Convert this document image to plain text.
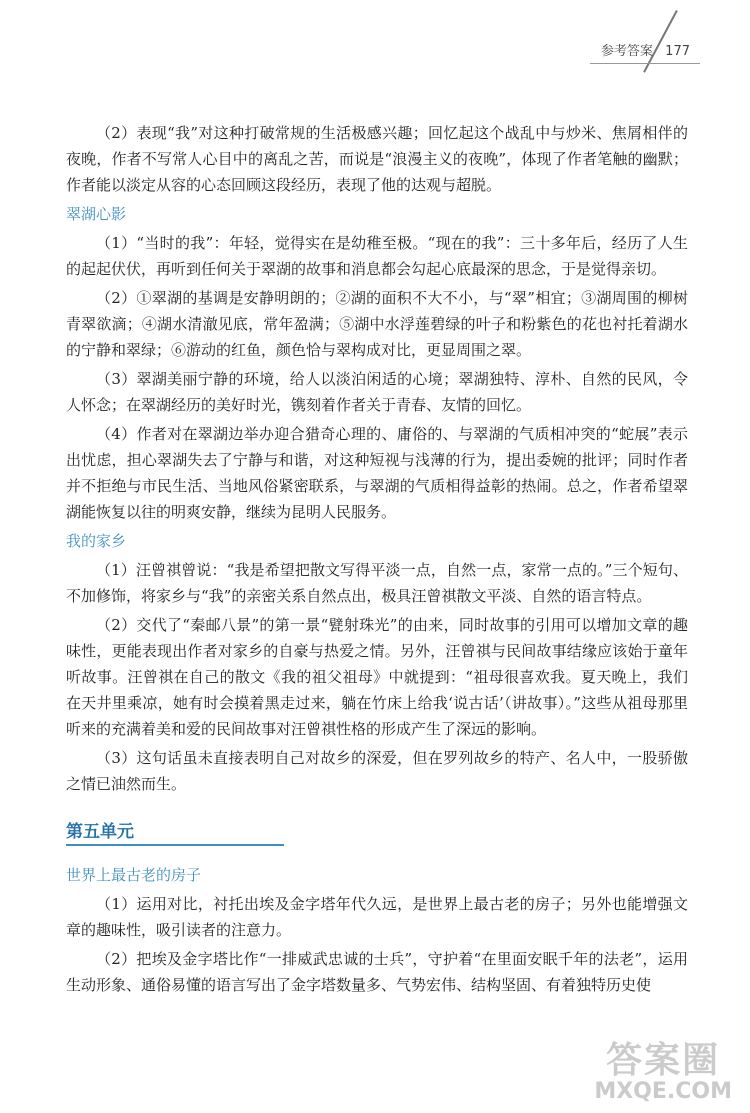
参考答案 177

（2）表现“我”对这种打破常规的生活极感兴趣；回忆起这个战乱中与炒米、焦屑相伴的夜晚，作者不写常人心目中的离乱之苦，而说是“浪漫主义的夜晚”，体现了作者笔触的幽默；作者能以淡定从容的心态回顾这段经历，表现了他的达观与超脱。

翠湖心影

（1）“当时的我”：年轻，觉得实在是幼稚至极。“现在的我”：三十多年后，经历了人生的起起伏伏，再听到任何关于翠湖的故事和消息都会勾起心底最深的思念，于是觉得亲切。

（2）①翠湖的基调是安静明朗的；②湖的面积不大不小，与“翠”相宜；③湖周围的柳树青翠欲滴；④湖水清澈见底，常年盈满；⑤湖中水浮莲碧绿的叶子和粉紫色的花也衬托着湖水的宁静和翠绿；⑥游动的红鱼，颜色恰与翠构成对比，更显周围之翠。

（3）翠湖美丽宁静的环境，给人以淡泊闲适的心境；翠湖独特、淳朴、自然的民风，令人怀念；在翠湖经历的美好时光，镌刻着作者关于青春、友情的回忆。

（4）作者对在翠湖边举办迎合猎奇心理的、庸俗的、与翠湖的气质相冲突的“蛇展”表示出忧虑，担心翠湖失去了宁静与和谐，对这种短视与浅薄的行为，提出委婉的批评；同时作者并不拒绝与市民生活、当地风俗紧密联系，与翠湖的气质相得益彰的热闹。总之，作者希望翠湖能恢复以往的明爽安静，继续为昆明人民服务。

我的家乡

（1）汪曾祺曾说：“我是希望把散文写得平淡一点，自然一点，家常一点的。”三个短句、不加修饰，将家乡与“我”的亲密关系自然点出，极具汪曾祺散文平淡、自然的语言特点。

（2）交代了“秦邮八景”的第一景“甓射珠光”的由来，同时故事的引用可以增加文章的趣味性，更能表现出作者对家乡的自豪与热爱之情。另外，汪曾祺与民间故事结缘应该始于童年听故事。汪曾祺在自己的散文《我的祖父祖母》中就提到：“祖母很喜欢我。夏天晚上，我们在天井里乘凉，她有时会摸着黑走过来，躺在竹床上给我‘说古话’（讲故事）。”这些从祖母那里听来的充满着美和爱的民间故事对汪曾祺性格的形成产生了深远的影响。

（3）这句话虽未直接表明自己对故乡的深爱，但在罗列故乡的特产、名人中，一股骄傲之情已油然而生。

第五单元
世界上最古老的房子

（1）运用对比，衬托出埃及金字塔年代久远，是世界上最古老的房子；另外也能增强文章的趣味性，吸引读者的注意力。

（2）把埃及金字塔比作“一排威武忠诚的士兵”，守护着“在里面安眠千年的法老”，运用生动形象、通俗易懂的语言写出了金字塔数量多、气势宏伟、结构坚固、有着独特历史使

答案圈
MXQE.COM
